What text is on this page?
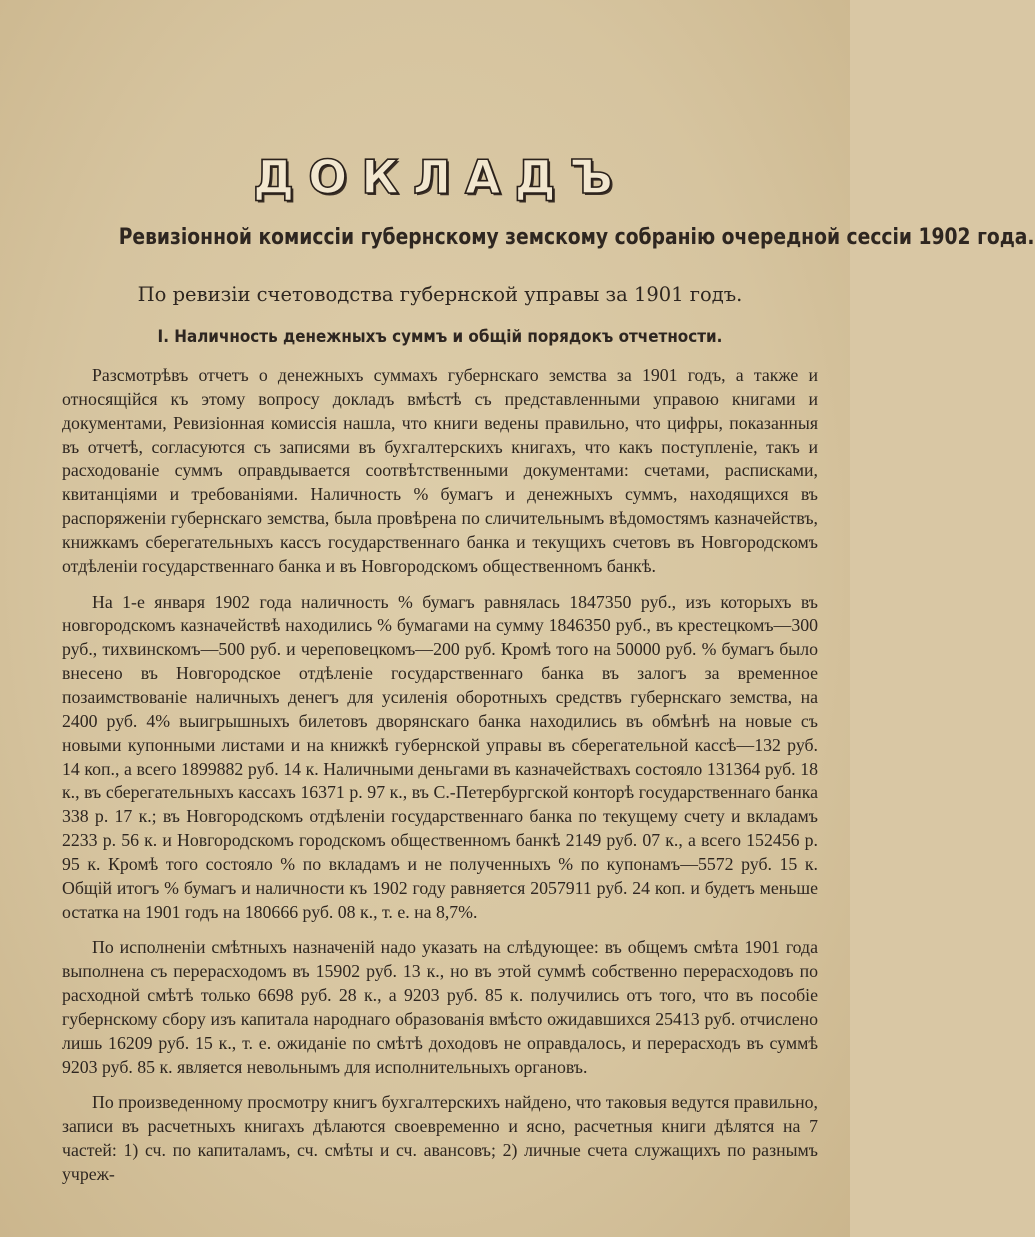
ДОКЛАДЪ
Ревизіонной комиссіи губернскому земскому собранію очередной сессіи 1902 года.
По ревизіи счетоводства губернской управы за 1901 годъ.
I. Наличность денежныхъ суммъ и общій порядокъ отчетности.

Разсмотрѣвъ отчетъ о денежныхъ суммахъ губернскаго земства за 1901 годъ, а также и относящійся къ этому вопросу докладъ вмѣстѣ съ представленными управою книгами и документами, Ревизіонная комиссія нашла, что книги ведены правильно, что цифры, показанныя въ отчетѣ, согласуются съ записями въ бухгалтерскихъ книгахъ, что какъ поступленіе, такъ и расходованіе суммъ оправдывается соотвѣтственными документами: счетами, расписками, квитанціями и требованіями. Наличность % бумагъ и денежныхъ суммъ, находящихся въ распоряженіи губернскаго земства, была провѣрена по сличительнымъ вѣдомостямъ казначействъ, книжкамъ сберегательныхъ кассъ государственнаго банка и текущихъ счетовъ въ Новгородскомъ отдѣленіи государственнаго банка и въ Новгородскомъ общественномъ банкѣ.

На 1-е января 1902 года наличность % бумагъ равнялась 1847350 руб., изъ которыхъ въ новгородскомъ казначействѣ находились % бумагами на сумму 1846350 руб., въ крестецкомъ—300 руб., тихвинскомъ—500 руб. и череповецкомъ—200 руб. Кромѣ того на 50000 руб. % бумагъ было внесено въ Новгородское отдѣленіе государственнаго банка въ залогъ за временное позаимствованіе наличныхъ денегъ для усиленія оборотныхъ средствъ губернскаго земства, на 2400 руб. 4% выигрышныхъ билетовъ дворянскаго банка находились въ обмѣнѣ на новые съ новыми купонными листами и на книжкѣ губернской управы въ сберегательной кассѣ—132 руб. 14 коп., а всего 1899882 руб. 14 к. Наличными деньгами въ казначействахъ состояло 131364 руб. 18 к., въ сберегательныхъ кассахъ 16371 р. 97 к., въ С.-Петербургской конторѣ государственнаго банка 338 р. 17 к.; въ Новгородскомъ отдѣленіи государственнаго банка по текущему счету и вкладамъ 2233 р. 56 к. и Новгородскомъ городскомъ общественномъ банкѣ 2149 руб. 07 к., а всего 152456 р. 95 к. Кромѣ того состояло % по вкладамъ и не полученныхъ % по купонамъ—5572 руб. 15 к. Общій итогъ % бумагъ и наличности къ 1902 году равняется 2057911 руб. 24 коп. и будетъ меньше остатка на 1901 годъ на 180666 руб. 08 к., т. е. на 8,7%.

По исполненіи смѣтныхъ назначеній надо указать на слѣдующее: въ общемъ смѣта 1901 года выполнена съ перерасходомъ въ 15902 руб. 13 к., но въ этой суммѣ собственно перерасходовъ по расходной смѣтѣ только 6698 руб. 28 к., а 9203 руб. 85 к. получились отъ того, что въ пособіе губернскому сбору изъ капитала народнаго образованія вмѣсто ожидавшихся 25413 руб. отчислено лишь 16209 руб. 15 к., т. е. ожиданіе по смѣтѣ доходовъ не оправдалось, и перерасходъ въ суммѣ 9203 руб. 85 к. является невольнымъ для исполнительныхъ органовъ.

По произведенному просмотру книгъ бухгалтерскихъ найдено, что таковыя ведутся правильно, записи въ расчетныхъ книгахъ дѣлаются своевременно и ясно, расчетныя книги дѣлятся на 7 частей: 1) сч. по капиталамъ, сч. смѣты и сч. авансовъ; 2) личные счета служащихъ по разнымъ учреж-
